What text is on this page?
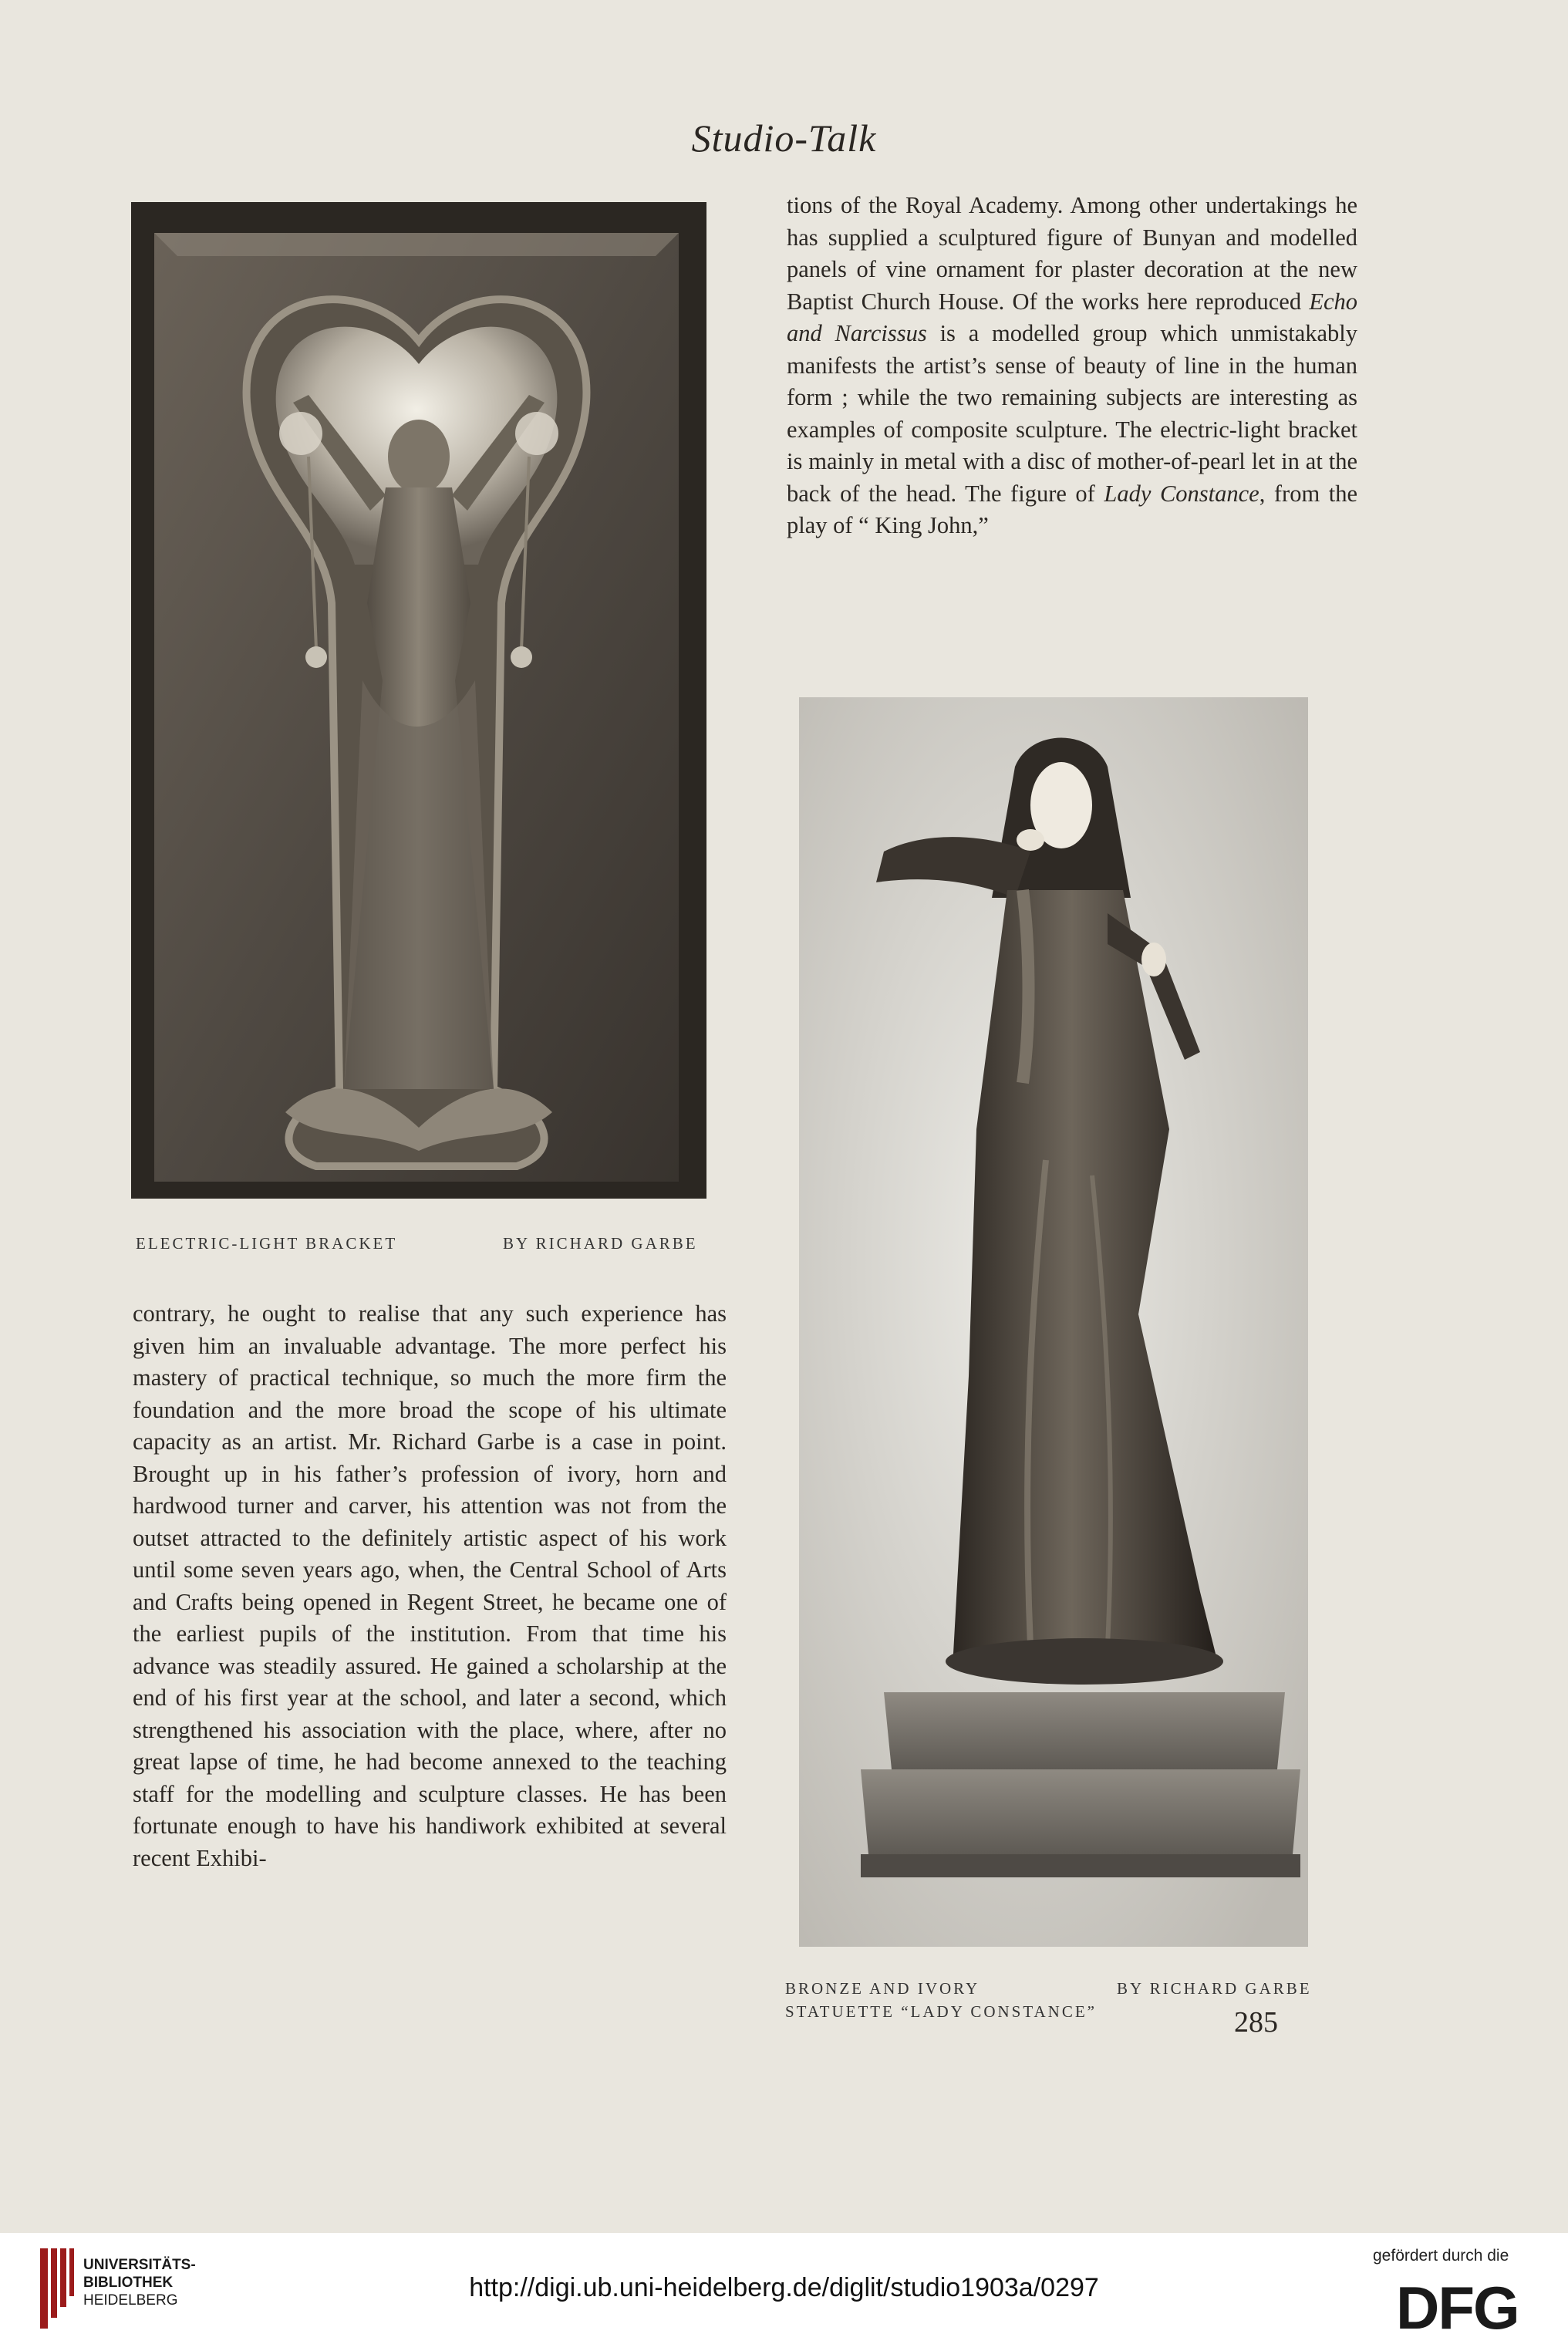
Studio-Talk
ELECTRIC-LIGHT BRACKET	BY RICHARD GARBE
BRONZE AND IVORY
STATUETTE “LADY CONSTANCE”
BY RICHARD GARBE

contrary, he ought to realise that any such experience has given him an invaluable advantage. The more perfect his mastery of practical technique, so much the more firm the foundation and the more broad the scope of his ultimate capacity as an artist. Mr. Richard Garbe is a case in point. Brought up in his father’s profession of ivory, horn and hardwood turner and carver, his attention was not from the outset attracted to the definitely artistic aspect of his work until some seven years ago, when, the Central School of Arts and Crafts being opened in Regent Street, he became one of the earliest pupils of the institution. From that time his advance was steadily assured. He gained a scholarship at the end of his first year at the school, and later a second, which strengthened his association with the place, where, after no great lapse of time, he had become annexed to the teaching staff for the modelling and sculpture classes. He has been fortunate enough to have his handiwork exhibited at several recent Exhibi-

tions of the Royal Academy. Among other undertakings he has supplied a sculptured figure of Bunyan and modelled panels of vine ornament for plaster decoration at the new Baptist Church House. Of the works here reproduced Echo and Narcissus is a modelled group which unmistakably manifests the artist’s sense of beauty of line in the human form ; while the two remaining subjects are interesting as examples of composite sculpture. The electric-light bracket is mainly in metal with a disc of mother-of-pearl let in at the back of the head. The figure of Lady Constance, from the play of “ King John,”

285
UNIVERSITÄTS-
BIBLIOTHEK
HEIDELBERG	http://digi.ub.uni-heidelberg.de/diglit/studio1903a/0297
gefördert durch die
DFG
